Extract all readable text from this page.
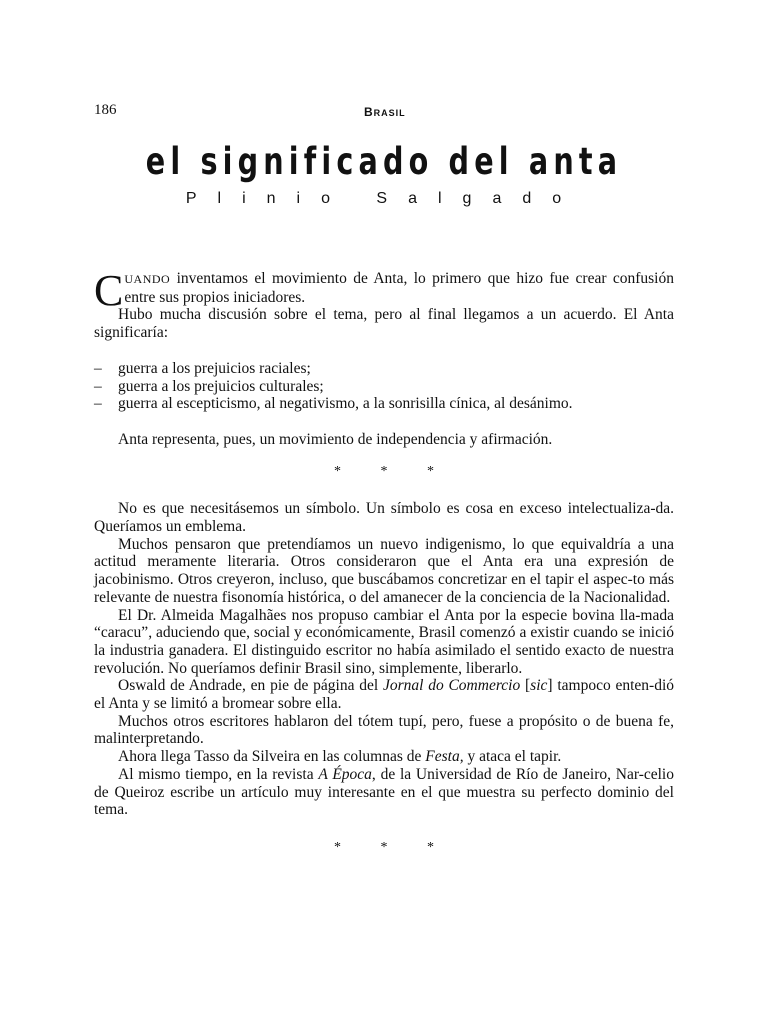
186	BRASIL
el significado del anta
Plinio Salgado

CUANDO inventamos el movimiento de Anta, lo primero que hizo fue crear confusión entre sus propios iniciadores.

Hubo mucha discusión sobre el tema, pero al final llegamos a un acuerdo. El Anta significaría:

– guerra a los prejuicios raciales;
– guerra a los prejuicios culturales;
– guerra al escepticismo, al negativismo, a la sonrisilla cínica, al desánimo.

Anta representa, pues, un movimiento de independencia y afirmación.

* * *

No es que necesitásemos un símbolo. Un símbolo es cosa en exceso intelectualiza-da. Queríamos un emblema.

Muchos pensaron que pretendíamos un nuevo indigenismo, lo que equivaldría a una actitud meramente literaria. Otros consideraron que el Anta era una expresión de jacobinismo. Otros creyeron, incluso, que buscábamos concretizar en el tapir el aspec-to más relevante de nuestra fisonomía histórica, o del amanecer de la conciencia de la Nacionalidad.

El Dr. Almeida Magalhães nos propuso cambiar el Anta por la especie bovina lla-mada “caracu”, aduciendo que, social y económicamente, Brasil comenzó a existir cuando se inició la industria ganadera. El distinguido escritor no había asimilado el sentido exacto de nuestra revolución. No queríamos definir Brasil sino, simplemente, liberarlo.

Oswald de Andrade, en pie de página del Jornal do Commercio [sic] tampoco enten-dió el Anta y se limitó a bromear sobre ella.

Muchos otros escritores hablaron del tótem tupí, pero, fuese a propósito o de buena fe, malinterpretando.

Ahora llega Tasso da Silveira en las columnas de Festa, y ataca el tapir.

Al mismo tiempo, en la revista A Época, de la Universidad de Río de Janeiro, Nar-celio de Queiroz escribe un artículo muy interesante en el que muestra su perfecto dominio del tema.

* * *
